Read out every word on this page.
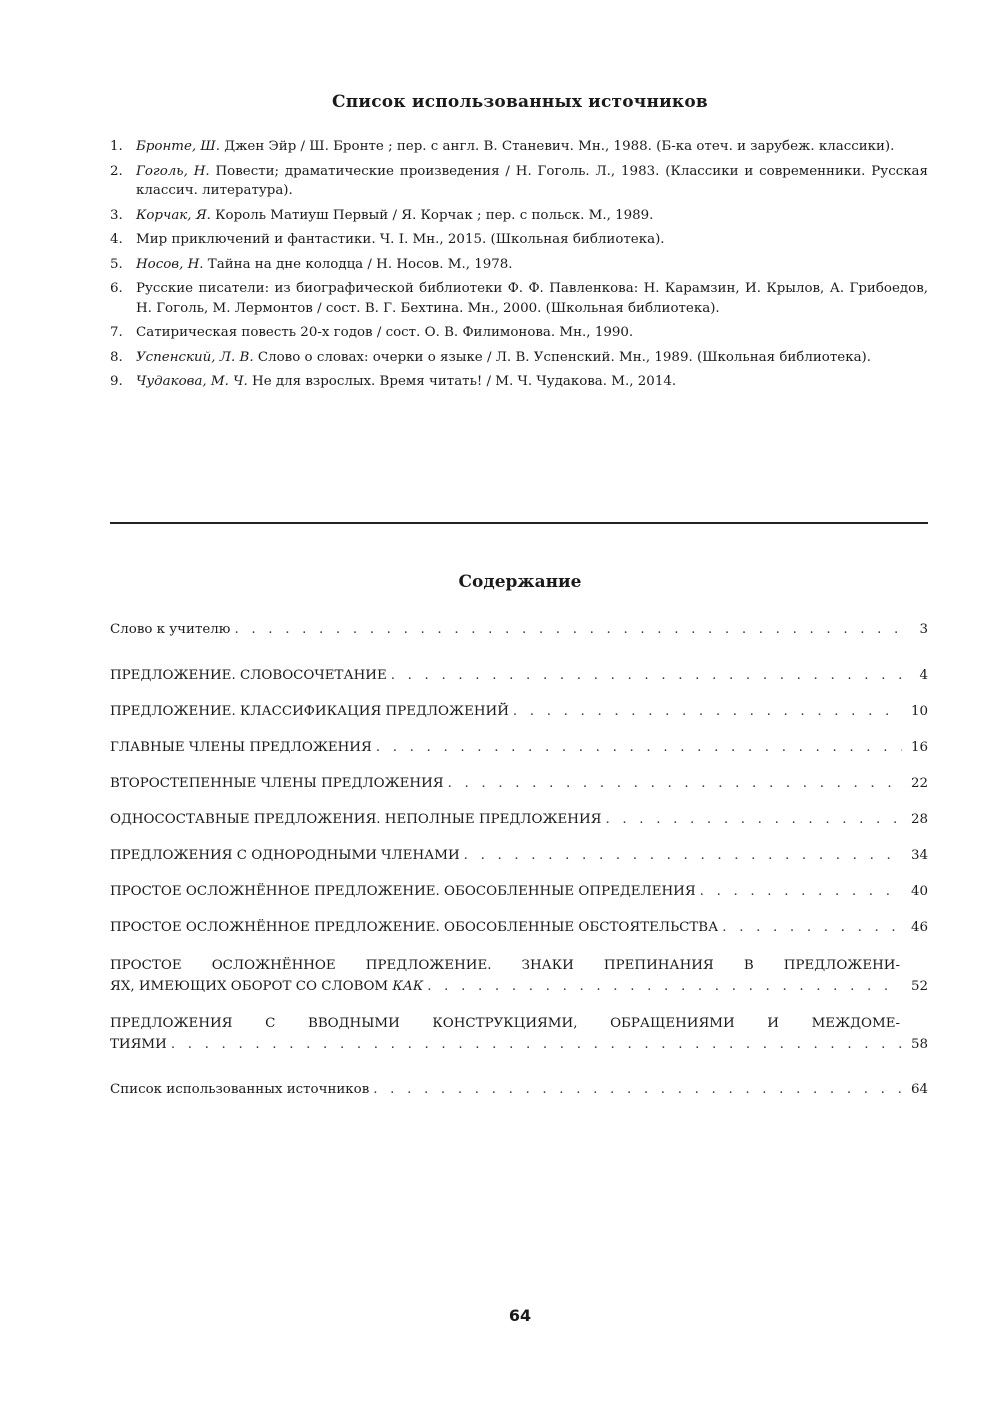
Список использованных источников
1. Бронте, Ш. Джен Эйр / Ш. Бронте ; пер. с англ. В. Станевич. Мн., 1988. (Б-ка отеч. и зарубеж. классики).
2. Гоголь, Н. Повести; драматические произведения / Н. Гоголь. Л., 1983. (Классики и современники. Русская классич. литература).
3. Корчак, Я. Король Матиуш Первый / Я. Корчак ; пер. с польск. М., 1989.
4. Мир приключений и фантастики. Ч. I. Мн., 2015. (Школьная библиотека).
5. Носов, Н. Тайна на дне колодца / Н. Носов. М., 1978.
6. Русские писатели: из биографической библиотеки Ф. Ф. Павленкова: Н. Карамзин, И. Крылов, А. Грибоедов, Н. Гоголь, М. Лермонтов / сост. В. Г. Бехтина. Мн., 2000. (Школьная библиотека).
7. Сатирическая повесть 20-х годов / сост. О. В. Филимонова. Мн., 1990.
8. Успенский, Л. В. Слово о словах: очерки о языке / Л. В. Успенский. Мн., 1989. (Школьная библиотека).
9. Чудакова, М. Ч. Не для взрослых. Время читать! / М. Ч. Чудакова. М., 2014.
Содержание
Слово к учителю . . .	3
ПРЕДЛОЖЕНИЕ. СЛОВОСОЧЕТАНИЕ . . .	4
ПРЕДЛОЖЕНИЕ. КЛАССИФИКАЦИЯ ПРЕДЛОЖЕНИЙ . . .	10
ГЛАВНЫЕ ЧЛЕНЫ ПРЕДЛОЖЕНИЯ . . .	16
ВТОРОСТЕПЕННЫЕ ЧЛЕНЫ ПРЕДЛОЖЕНИЯ . . .	22
ОДНОСОСТАВНЫЕ ПРЕДЛОЖЕНИЯ. НЕПОЛНЫЕ ПРЕДЛОЖЕНИЯ . . .	28
ПРЕДЛОЖЕНИЯ С ОДНОРОДНЫМИ ЧЛЕНАМИ . . .	34
ПРОСТОЕ ОСЛОЖНЁННОЕ ПРЕДЛОЖЕНИЕ. ОБОСОБЛЕННЫЕ ОПРЕДЕЛЕНИЯ . . .	40
ПРОСТОЕ ОСЛОЖНЁННОЕ ПРЕДЛОЖЕНИЕ. ОБОСОБЛЕННЫЕ ОБСТОЯТЕЛЬСТВА . . .	46
ПРОСТОЕ ОСЛОЖНЁННОЕ ПРЕДЛОЖЕНИЕ. ЗНАКИ ПРЕПИНАНИЯ В ПРЕДЛОЖЕНИ-
ЯХ, ИМЕЮЩИХ ОБОРОТ СО СЛОВОМ КАК . . .	52
ПРЕДЛОЖЕНИЯ С ВВОДНЫМИ КОНСТРУКЦИЯМИ, ОБРАЩЕНИЯМИ И МЕЖДОМЕ-
ТИЯМИ . . .	58
Список использованных источников . . .	64
64
